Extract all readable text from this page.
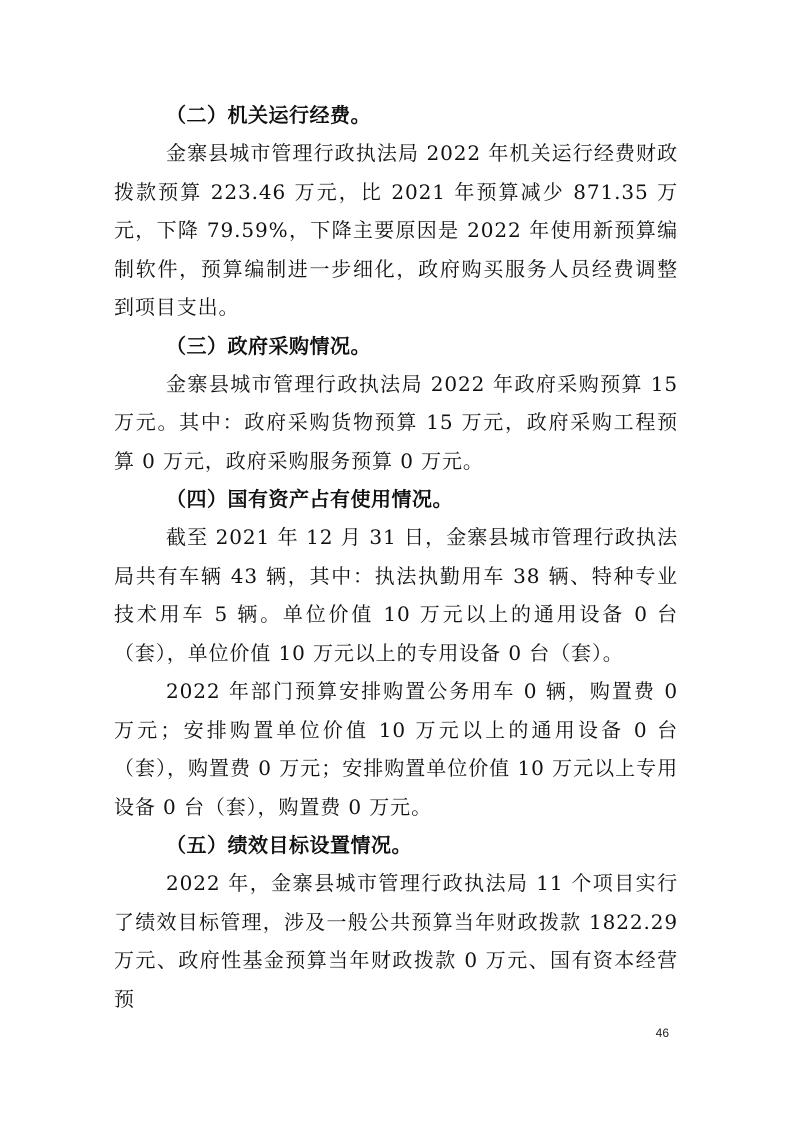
（二）机关运行经费。

金寨县城市管理行政执法局 2022 年机关运行经费财政拨款预算 223.46 万元，比 2021 年预算减少 871.35 万元，下降 79.59%，下降主要原因是 2022 年使用新预算编制软件，预算编制进一步细化，政府购买服务人员经费调整到项目支出。

（三）政府采购情况。

金寨县城市管理行政执法局 2022 年政府采购预算 15 万元。其中：政府采购货物预算 15 万元，政府采购工程预算 0 万元，政府采购服务预算 0 万元。

（四）国有资产占有使用情况。

截至 2021 年 12 月 31 日，金寨县城市管理行政执法局共有车辆 43 辆，其中：执法执勤用车 38 辆、特种专业技术用车 5 辆。单位价值 10 万元以上的通用设备 0 台（套），单位价值 10 万元以上的专用设备 0 台（套）。

2022 年部门预算安排购置公务用车 0 辆，购置费 0 万元；安排购置单位价值 10 万元以上的通用设备 0 台（套），购置费 0 万元；安排购置单位价值 10 万元以上专用设备 0 台（套），购置费 0 万元。

（五）绩效目标设置情况。

2022 年，金寨县城市管理行政执法局 11 个项目实行了绩效目标管理，涉及一般公共预算当年财政拨款 1822.29 万元、政府性基金预算当年财政拨款 0 万元、国有资本经营预

46
